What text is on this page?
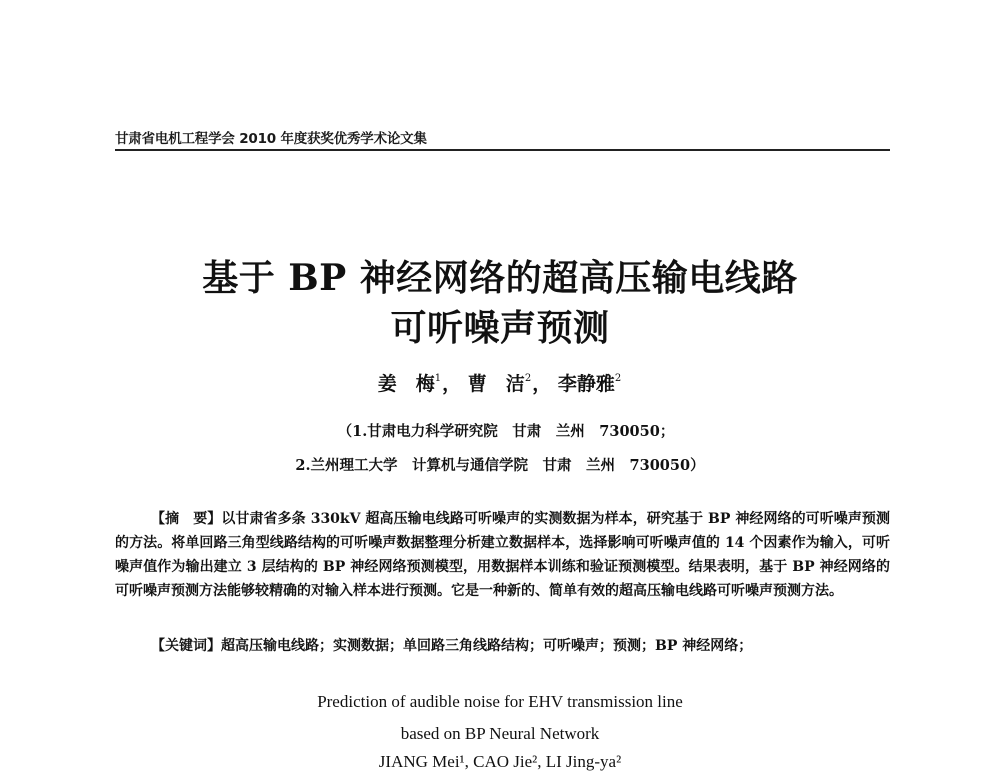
甘肃省电机工程学会 2010 年度获奖优秀学术论文集
基于 BP 神经网络的超高压输电线路
可听噪声预测
姜　梅$^1$， 曹　洁$^2$， 李静雅$^2$
（1.甘肃电力科学研究院　甘肃　兰州　730050；
2.兰州理工大学　计算机与通信学院　甘肃　兰州　730050）
【摘　要】以甘肃省多条 330kV 超高压输电线路可听噪声的实测数据为样本，研究基于 BP 神经网络的可听噪声预测的方法。将单回路三角型线路结构的可听噪声数据整理分析建立数据样本，选择影响可听噪声值的 14 个因素作为输入，可听噪声值作为输出建立 3 层结构的 BP 神经网络预测模型，用数据样本训练和验证预测模型。结果表明，基于 BP 神经网络的可听噪声预测方法能够较精确的对输入样本进行预测。它是一种新的、简单有效的超高压输电线路可听噪声预测方法。
【关键词】超高压输电线路；实测数据；单回路三角线路结构；可听噪声；预测；BP 神经网络；
Prediction of audible noise for EHV transmission line
based on BP Neural Network
JIANG Mei¹, CAO Jie², LI Jing-ya²
